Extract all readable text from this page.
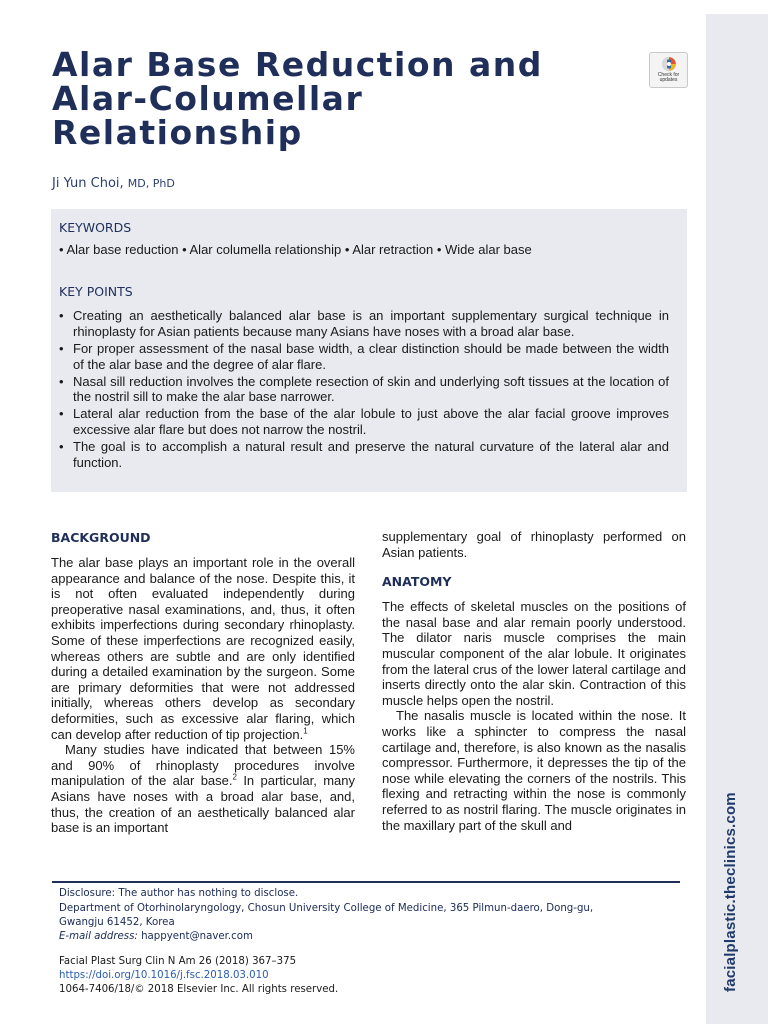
facialplastic.theclinics.com
Alar Base Reduction and
Alar-Columellar
Relationship
Check for
updates
Ji Yun Choi, MD, PhD
KEYWORDS
• Alar base reduction • Alar columella relationship • Alar retraction • Wide alar base
KEY POINTS
• Creating an aesthetically balanced alar base is an important supplementary surgical technique in rhinoplasty for Asian patients because many Asians have noses with a broad alar base.
• For proper assessment of the nasal base width, a clear distinction should be made between the width of the alar base and the degree of alar flare.
• Nasal sill reduction involves the complete resection of skin and underlying soft tissues at the location of the nostril sill to make the alar base narrower.
• Lateral alar reduction from the base of the alar lobule to just above the alar facial groove improves excessive alar flare but does not narrow the nostril.
• The goal is to accomplish a natural result and preserve the natural curvature of the lateral alar and function.
BACKGROUND

The alar base plays an important role in the overall appearance and balance of the nose. Despite this, it is not often evaluated independently during preoperative nasal examinations, and, thus, it often exhibits imperfections during secondary rhinoplasty. Some of these imperfections are recognized easily, whereas others are subtle and are only identified during a detailed examination by the surgeon. Some are primary deformities that were not addressed initially, whereas others develop as secondary deformities, such as excessive alar flaring, which can develop after reduction of tip projection.$^1$

Many studies have indicated that between 15% and 90% of rhinoplasty procedures involve manipulation of the alar base.$^2$ In particular, many Asians have noses with a broad alar base, and, thus, the creation of an aesthetically balanced alar base is an important

supplementary goal of rhinoplasty performed on Asian patients.

ANATOMY

The effects of skeletal muscles on the positions of the nasal base and alar remain poorly understood. The dilator naris muscle comprises the main muscular component of the alar lobule. It originates from the lateral crus of the lower lateral cartilage and inserts directly onto the alar skin. Contraction of this muscle helps open the nostril.

The nasalis muscle is located within the nose. It works like a sphincter to compress the nasal cartilage and, therefore, is also known as the nasalis compressor. Furthermore, it depresses the tip of the nose while elevating the corners of the nostrils. This flexing and retracting within the nose is commonly referred to as nostril flaring. The muscle originates in the maxillary part of the skull and

Disclosure: The author has nothing to disclose.
Department of Otorhinolaryngology, Chosun University College of Medicine, 365 Pilmun-daero, Dong-gu,
Gwangju 61452, Korea
E-mail address: happyent@naver.com
Facial Plast Surg Clin N Am 26 (2018) 367–375
https://doi.org/10.1016/j.fsc.2018.03.010
1064-7406/18/© 2018 Elsevier Inc. All rights reserved.
